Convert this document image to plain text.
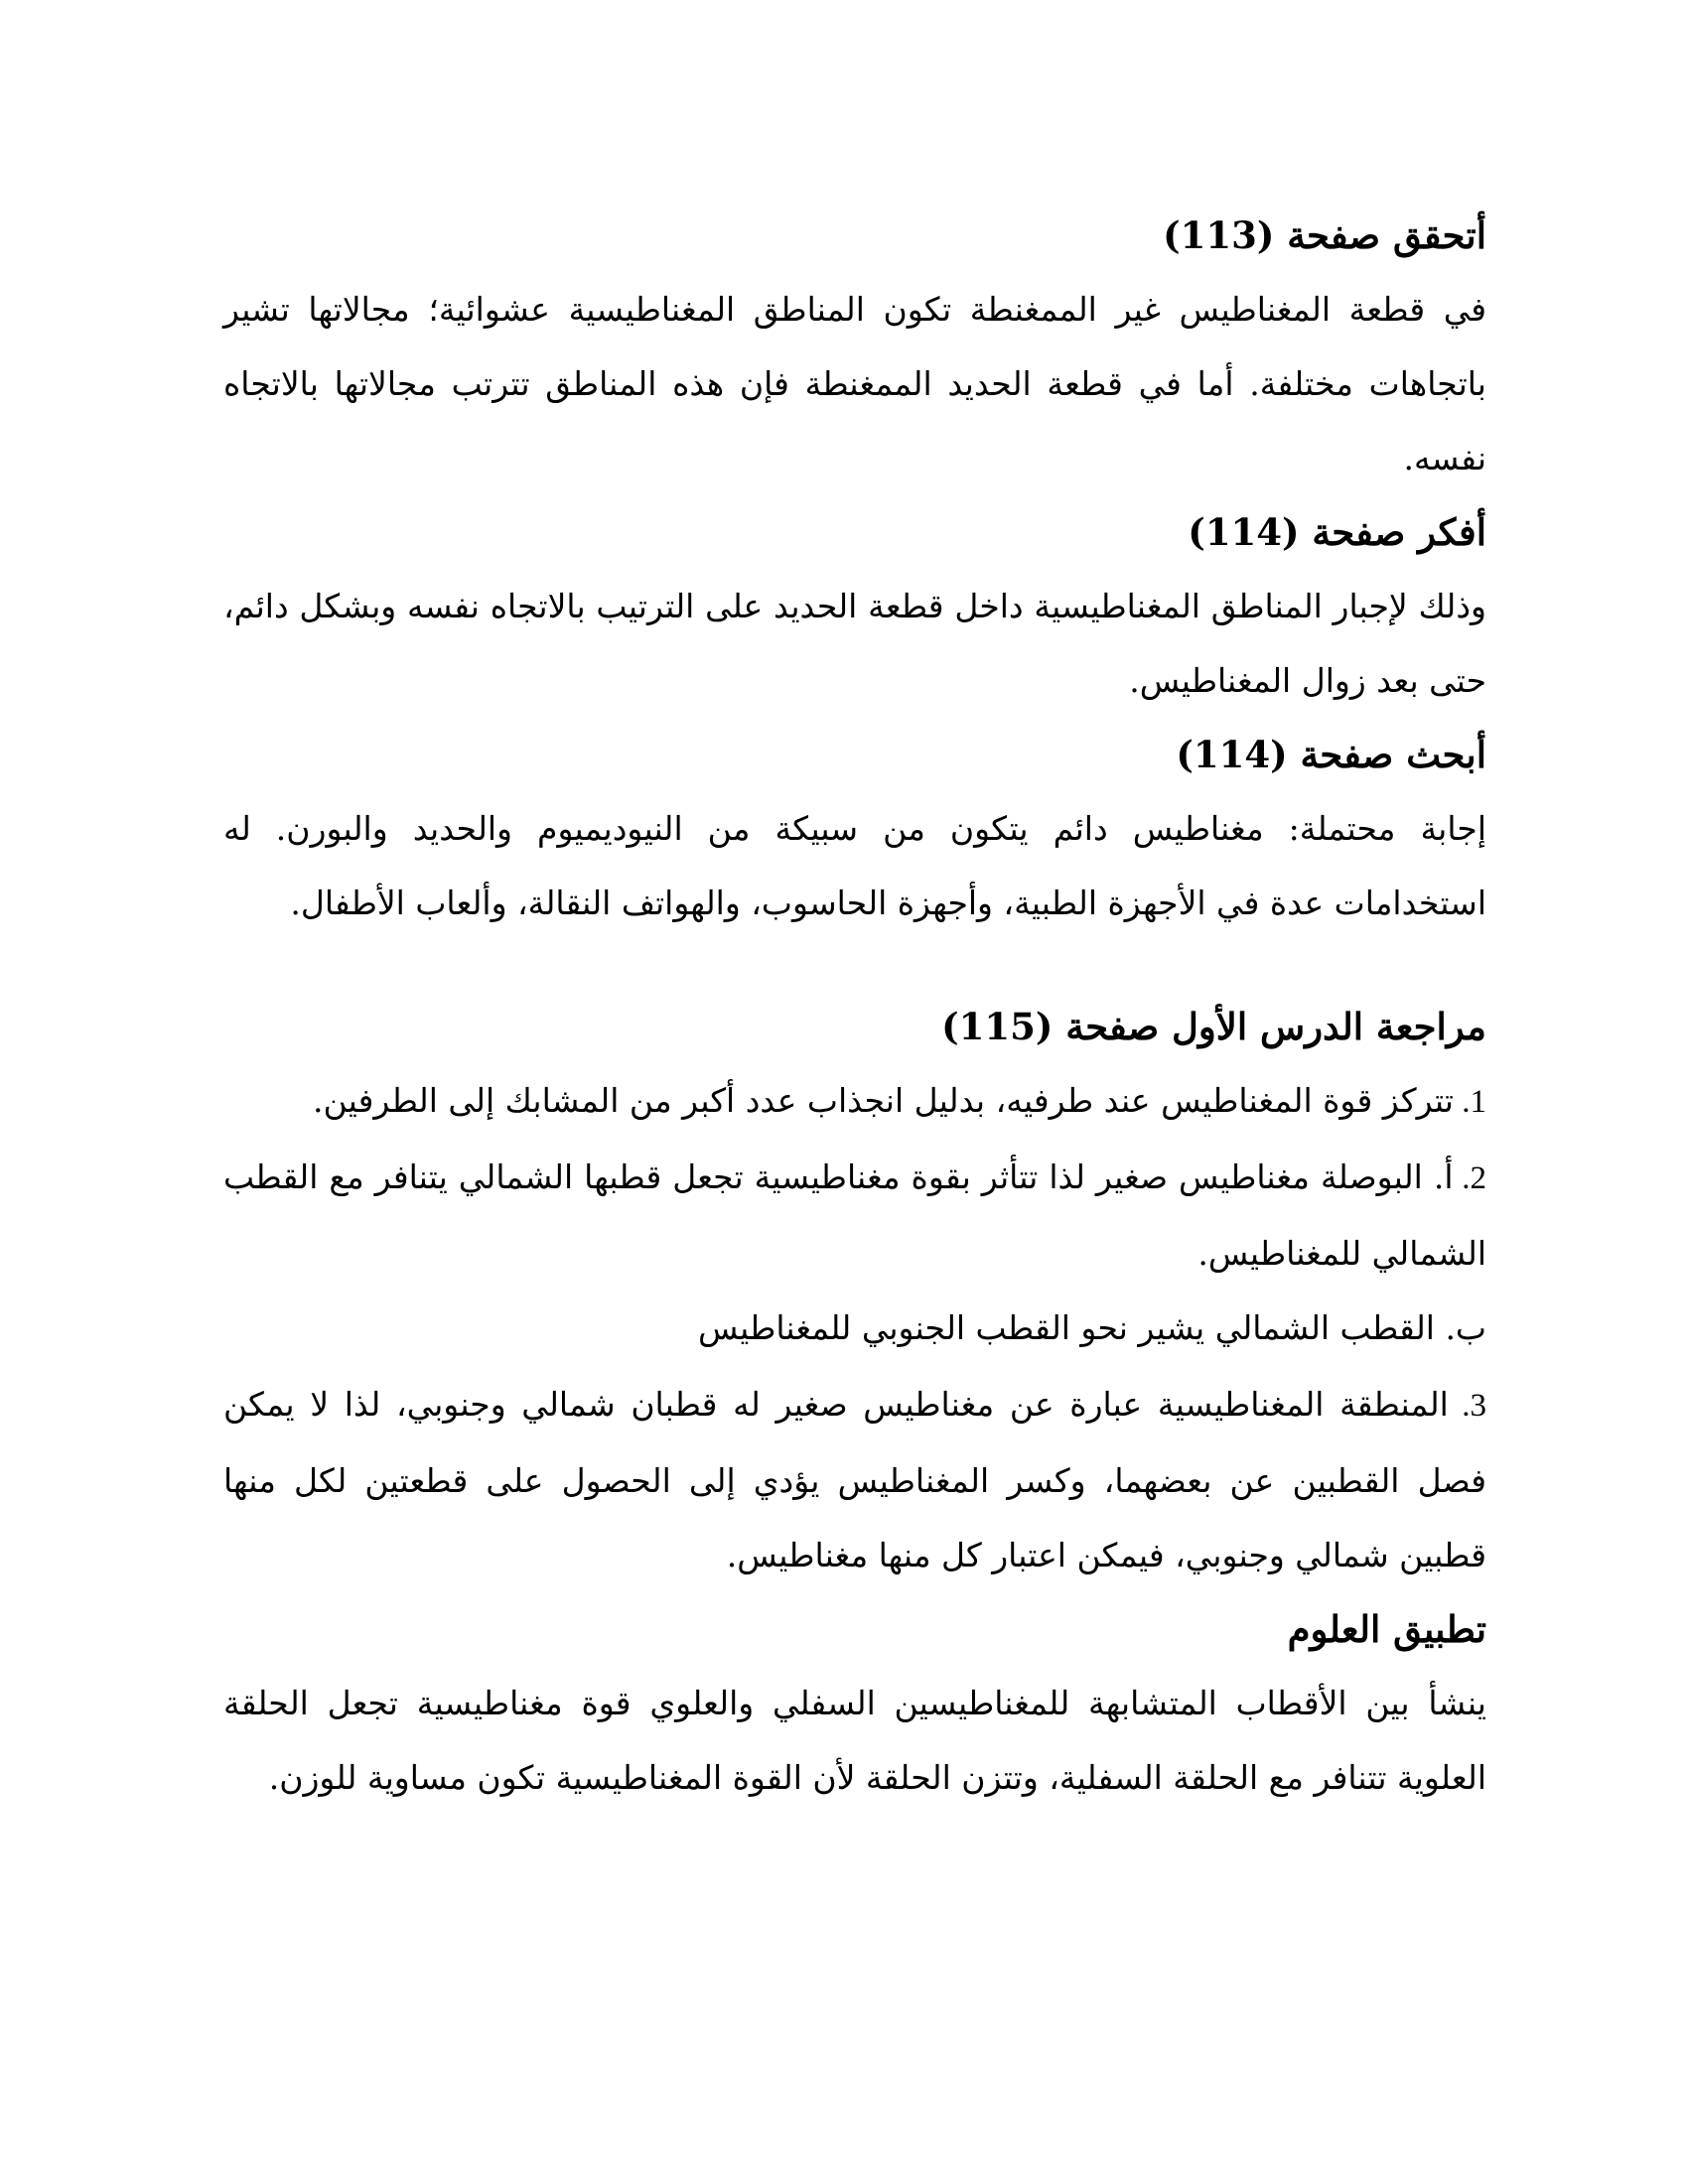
أتحقق صفحة (113)

في قطعة المغناطيس غير الممغنطة تكون المناطق المغناطيسية عشوائية؛ مجالاتها تشير باتجاهات مختلفة. أما في قطعة الحديد الممغنطة فإن هذه المناطق تترتب مجالاتها بالاتجاه نفسه.

أفكر صفحة (114)

وذلك لإجبار المناطق المغناطيسية داخل قطعة الحديد على الترتيب بالاتجاه نفسه وبشكل دائم، حتى بعد زوال المغناطيس.

أبحث صفحة (114)

إجابة محتملة: مغناطيس دائم يتكون من سبيكة من النيوديميوم والحديد والبورن. له استخدامات عدة في الأجهزة الطبية، وأجهزة الحاسوب، والهواتف النقالة، وألعاب الأطفال.

مراجعة الدرس الأول صفحة (115)

1. تتركز قوة المغناطيس عند طرفيه، بدليل انجذاب عدد أكبر من المشابك إلى الطرفين.

2. أ. البوصلة مغناطيس صغير لذا تتأثر بقوة مغناطيسية تجعل قطبها الشمالي يتنافر مع القطب الشمالي للمغناطيس.

ب. القطب الشمالي يشير نحو القطب الجنوبي للمغناطيس

3. المنطقة المغناطيسية عبارة عن مغناطيس صغير له قطبان شمالي وجنوبي، لذا لا يمكن فصل القطبين عن بعضهما، وكسر المغناطيس يؤدي إلى الحصول على قطعتين لكل منها قطبين شمالي وجنوبي، فيمكن اعتبار كل منها مغناطيس.

تطبيق العلوم

ينشأ بين الأقطاب المتشابهة للمغناطيسين السفلي والعلوي قوة مغناطيسية تجعل الحلقة العلوية تتنافر مع الحلقة السفلية، وتتزن الحلقة لأن القوة المغناطيسية تكون مساوية للوزن.
